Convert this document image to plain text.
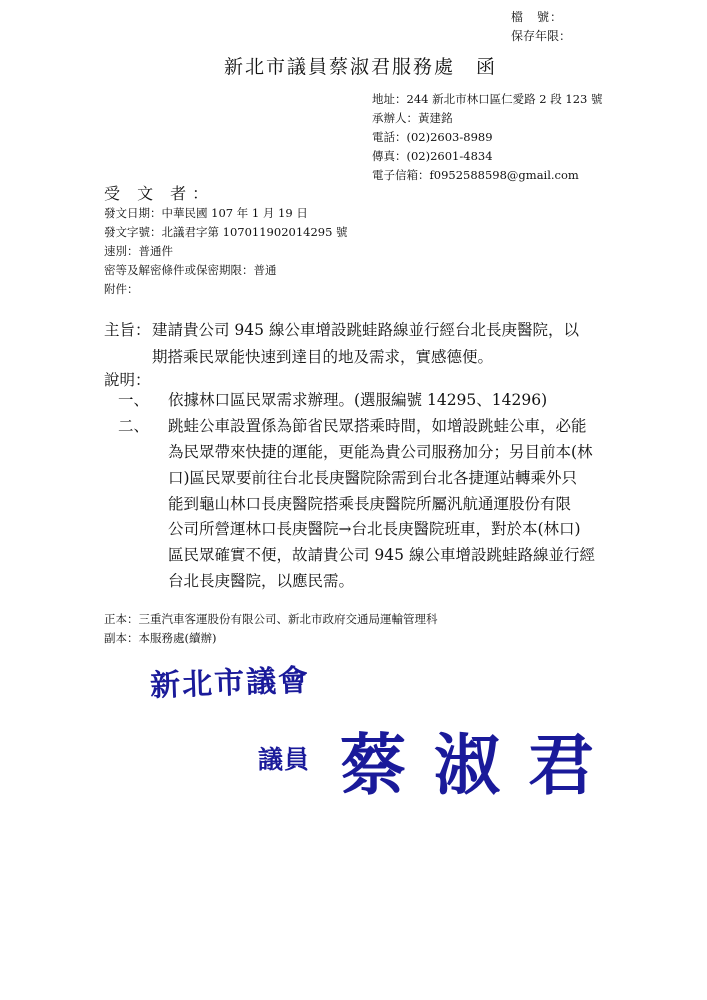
檔　號：
保存年限：
新北市議員蔡淑君服務處　函
地址：244 新北市林口區仁愛路 2 段 123 號
承辦人：黃建銘
電話：(02)2603-8989
傳真：(02)2601-4834
電子信箱：f0952588598@gmail.com
受 文 者：
發文日期：中華民國 107 年 1 月 19 日
發文字號：北議君字第 107011902014295 號
速別：普通件
密等及解密條件或保密期限：普通
附件：
主旨： 建請貴公司 945 線公車增設跳蛙路線並行經台北長庚醫院，以
期搭乘民眾能快速到達目的地及需求，實感德便。
說明：
一、 依據林口區民眾需求辦理。(選服編號 14295、14296)
二、 跳蛙公車設置係為節省民眾搭乘時間，如增設跳蛙公車，必能
為民眾帶來快捷的運能，更能為貴公司服務加分；另目前本(林
口)區民眾要前往台北長庚醫院除需到台北各捷運站轉乘外只
能到龜山林口長庚醫院搭乘長庚醫院所屬汎航通運股份有限
公司所營運林口長庚醫院→台北長庚醫院班車，對於本(林口)
區民眾確實不便，故請貴公司 945 線公車增設跳蛙路線並行經
台北長庚醫院，以應民需。
正本：三重汽車客運股份有限公司、新北市政府交通局運輸管理科
副本：本服務處(續辦)
新北市議會
議員 蔡淑君
